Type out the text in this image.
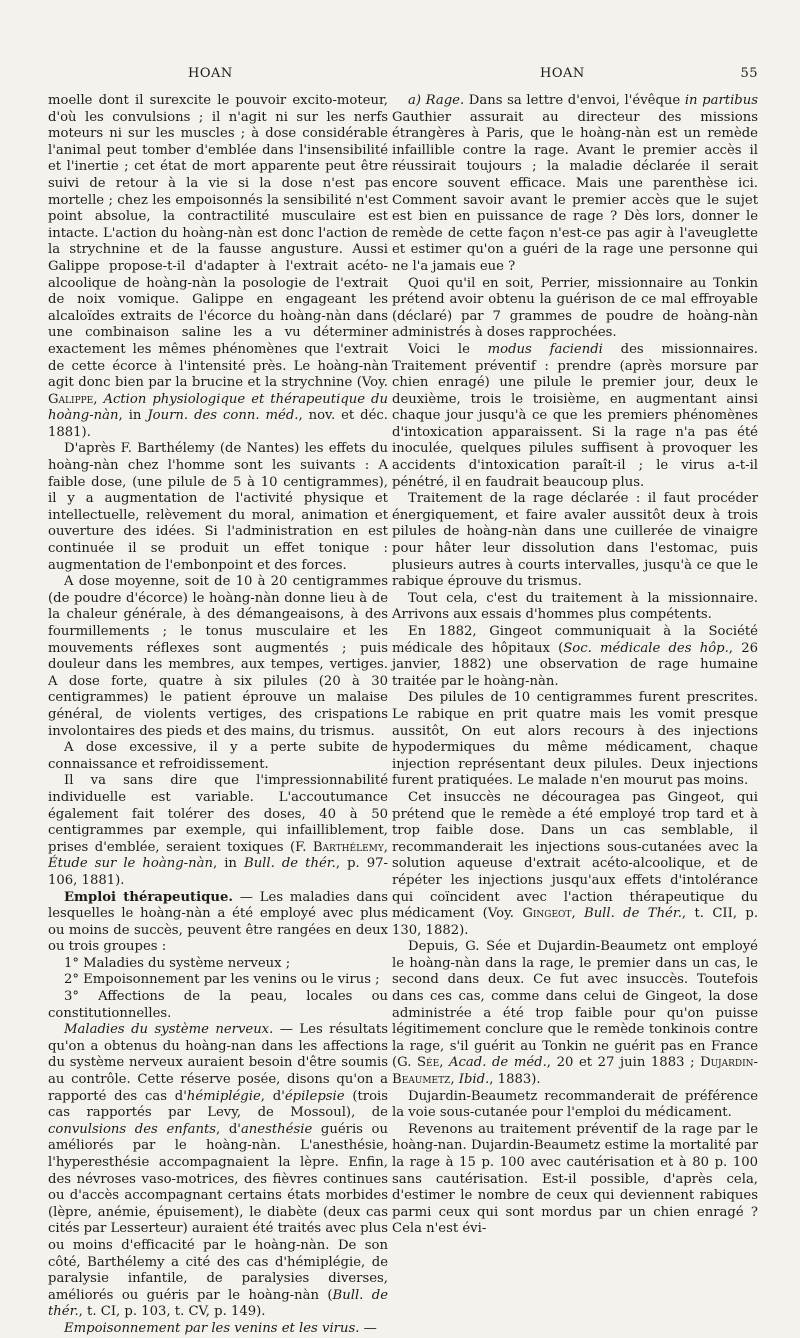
HOAN	HOAN	55

moelle dont il surexcite le pouvoir excito-moteur, d'où les convulsions ; il n'agit ni sur les nerfs moteurs ni sur les muscles ; à dose considérable l'animal peut tomber d'emblée dans l'insensibilité et l'inertie ; cet état de mort apparente peut être suivi de retour à la vie si la dose n'est pas mortelle ; chez les empoisonnés la sensibilité n'est point absolue, la contractilité musculaire est intacte. L'action du hoàng-nàn est donc l'action de la strychnine et de la fausse angusture. Aussi Galippe propose-t-il d'adapter à l'extrait acéto-alcoolique de hoàng-nàn la posologie de l'extrait de noix vomique. Galippe en engageant les alcaloïdes extraits de l'écorce du hoàng-nàn dans une combinaison saline les a vu déterminer exactement les mêmes phénomènes que l'extrait de cette écorce à l'intensité près. Le hoàng-nàn agit donc bien par la brucine et la strychnine (Voy. Galippe, Action physiologique et thérapeutique du hoàng-nàn, in Journ. des conn. méd., nov. et déc. 1881).

D'après F. Barthélemy (de Nantes) les effets du hoàng-nàn chez l'homme sont les suivants : A faible dose, (une pilule de 5 à 10 centigrammes), il y a augmentation de l'activité physique et intellectuelle, relèvement du moral, animation et ouverture des idées. Si l'administration en est continuée il se produit un effet tonique : augmentation de l'embonpoint et des forces.

A dose moyenne, soit de 10 à 20 centigrammes (de poudre d'écorce) le hoàng-nàn donne lieu à de la chaleur générale, à des démangeaisons, à des fourmillements ; le tonus musculaire et les mouvements réflexes sont augmentés ; puis douleur dans les membres, aux tempes, vertiges. A dose forte, quatre à six pilules (20 à 30 centigrammes) le patient éprouve un malaise général, de violents vertiges, des crispations involontaires des pieds et des mains, du trismus.

A dose excessive, il y a perte subite de connaissance et refroidissement.

Il va sans dire que l'impressionnabilité individuelle est variable. L'accoutumance également fait tolérer des doses, 40 à 50 centigrammes par exemple, qui infailliblement, prises d'emblée, seraient toxiques (F. Barthélemy, Étude sur le hoàng-nàn, in Bull. de thér., p. 97-106, 1881).

Emploi thérapeutique. — Les maladies dans lesquelles le hoàng-nàn a été employé avec plus ou moins de succès, peuvent être rangées en deux ou trois groupes :

1° Maladies du système nerveux ;

2° Empoisonnement par les venins ou le virus ;

3° Affections de la peau, locales ou constitutionnelles.

Maladies du système nerveux. — Les résultats qu'on a obtenus du hoàng-nan dans les affections du système nerveux auraient besoin d'être soumis au contrôle. Cette réserve posée, disons qu'on a rapporté des cas d'hémiplégie, d'épilepsie (trois cas rapportés par Levy, de Mossoul), de convulsions des enfants, d'anesthésie guéris ou améliorés par le hoàng-nàn. L'anesthésie, l'hyperesthésie accompagnaient la lèpre. Enfin, des névroses vaso-motrices, des fièvres continues ou d'accès accompagnant certains états morbides (lèpre, anémie, épuisement), le diabète (deux cas cités par Lesserteur) auraient été traités avec plus ou moins d'efficacité par le hoàng-nàn. De son côté, Barthélemy a cité des cas d'hémiplégie, de paralysie infantile, de paralysies diverses, améliorés ou guéris par le hoàng-nàn (Bull. de thér., t. CI, p. 103, t. CV, p. 149).

Empoisonnement par les venins et les virus. —

a) Rage. Dans sa lettre d'envoi, l'évêque in partibus Gauthier assurait au directeur des missions étrangères à Paris, que le hoàng-nàn est un remède infaillible contre la rage. Avant le premier accès il réussirait toujours ; la maladie déclarée il serait encore souvent efficace. Mais une parenthèse ici. Comment savoir avant le premier accès que le sujet est bien en puissance de rage ? Dès lors, donner le remède de cette façon n'est-ce pas agir à l'aveuglette et estimer qu'on a guéri de la rage une personne qui ne l'a jamais eue ?

Quoi qu'il en soit, Perrier, missionnaire au Tonkin prétend avoir obtenu la guérison de ce mal effroyable (déclaré) par 7 grammes de poudre de hoàng-nàn administrés à doses rapprochées.

Voici le modus faciendi des missionnaires. Traitement préventif : prendre (après morsure par chien enragé) une pilule le premier jour, deux le deuxième, trois le troisième, en augmentant ainsi chaque jour jusqu'à ce que les premiers phénomènes d'intoxication apparaissent. Si la rage n'a pas été inoculée, quelques pilules suffisent à provoquer les accidents d'intoxication paraît-il ; le virus a-t-il pénétré, il en faudrait beaucoup plus.

Traitement de la rage déclarée : il faut procéder énergiquement, et faire avaler aussitôt deux à trois pilules de hoàng-nàn dans une cuillerée de vinaigre pour hâter leur dissolution dans l'estomac, puis plusieurs autres à courts intervalles, jusqu'à ce que le rabique éprouve du trismus.

Tout cela, c'est du traitement à la missionnaire. Arrivons aux essais d'hommes plus compétents.

En 1882, Gingeot communiquait à la Société médicale des hôpitaux (Soc. médicale des hôp., 26 janvier, 1882) une observation de rage humaine traitée par le hoàng-nàn.

Des pilules de 10 centigrammes furent prescrites. Le rabique en prit quatre mais les vomit presque aussitôt, On eut alors recours à des injections hypodermiques du même médicament, chaque injection représentant deux pilules. Deux injections furent pratiquées. Le malade n'en mourut pas moins.

Cet insuccès ne découragea pas Gingeot, qui prétend que le remède a été employé trop tard et à trop faible dose. Dans un cas semblable, il recommanderait les injections sous-cutanées avec la solution aqueuse d'extrait acéto-alcoolique, et de répéter les injections jusqu'aux effets d'intolérance qui coïncident avec l'action thérapeutique du médicament (Voy. Gingeot, Bull. de Thér., t. CII, p. 130, 1882).

Depuis, G. Sée et Dujardin-Beaumetz ont employé le hoàng-nàn dans la rage, le premier dans un cas, le second dans deux. Ce fut avec insuccès. Toutefois dans ces cas, comme dans celui de Gingeot, la dose administrée a été trop faible pour qu'on puisse légitimement conclure que le remède tonkinois contre la rage, s'il guérit au Tonkin ne guérit pas en France (G. Sée, Acad. de méd., 20 et 27 juin 1883 ; Dujardin-Beaumetz, Ibid., 1883).

Dujardin-Beaumetz recommanderait de préférence la voie sous-cutanée pour l'emploi du médicament.

Revenons au traitement préventif de la rage par le hoàng-nan. Dujardin-Beaumetz estime la mortalité par la rage à 15 p. 100 avec cautérisation et à 80 p. 100 sans cautérisation. Est-il possible, d'après cela, d'estimer le nombre de ceux qui deviennent rabiques parmi ceux qui sont mordus par un chien enragé ? Cela n'est évi-
